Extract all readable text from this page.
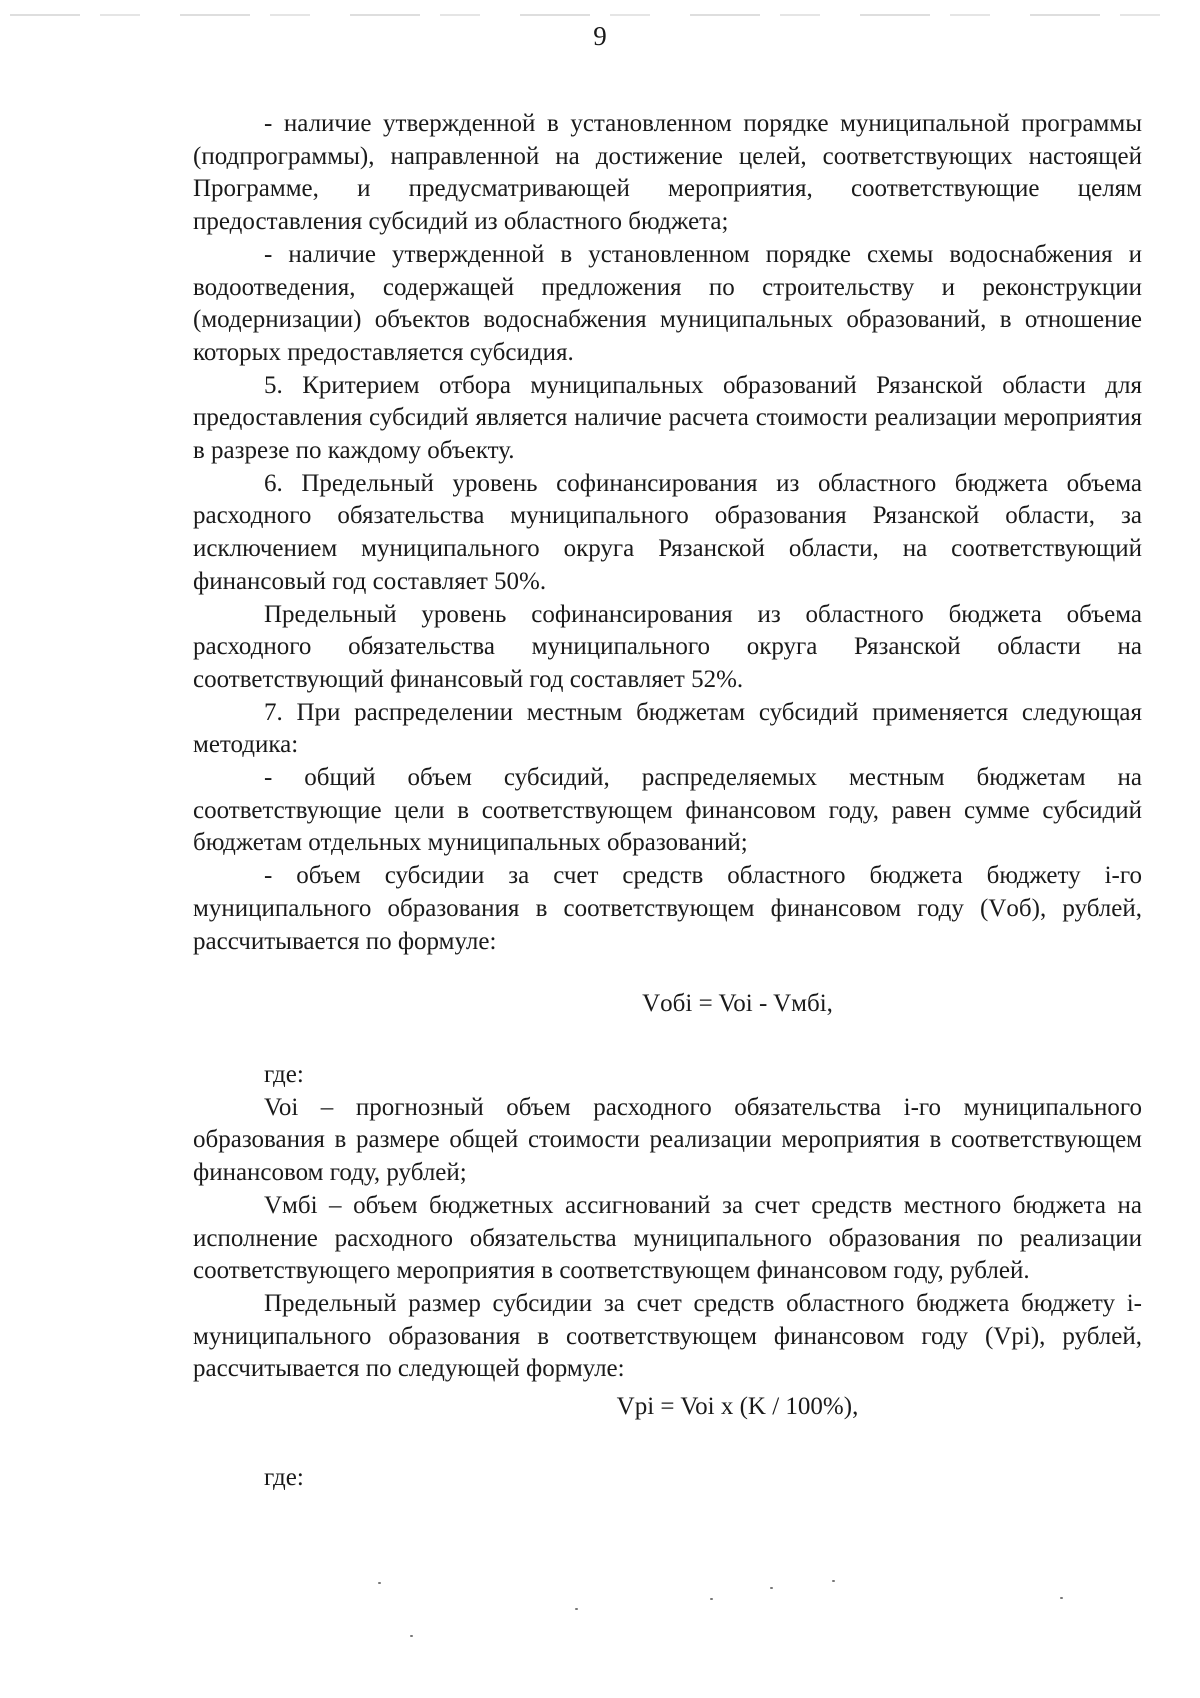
9

- наличие утвержденной в установленном порядке муниципальной программы (подпрограммы), направленной на достижение целей, соответствующих настоящей Программе, и предусматривающей мероприятия, соответствующие целям предоставления субсидий из областного бюджета;

- наличие утвержденной в установленном порядке схемы водоснабжения и водоотведения, содержащей предложения по строительству и реконструкции (модернизации) объектов водоснабжения муниципальных образований, в отношение которых предоставляется субсидия.

5. Критерием отбора муниципальных образований Рязанской области для предоставления субсидий является наличие расчета стоимости реализации мероприятия в разрезе по каждому объекту.

6. Предельный уровень софинансирования из областного бюджета объема расходного обязательства муниципального образования Рязанской области, за исключением муниципального округа Рязанской области, на соответствующий финансовый год составляет 50%.

Предельный уровень софинансирования из областного бюджета объема расходного обязательства муниципального округа Рязанской области на соответствующий финансовый год составляет 52%.

7. При распределении местным бюджетам субсидий применяется следующая методика:

- общий объем субсидий, распределяемых местным бюджетам на соответствующие цели в соответствующем финансовом году, равен сумме субсидий бюджетам отдельных муниципальных образований;

- объем субсидии за счет средств областного бюджета бюджету i-го муниципального образования в соответствующем финансовом году (Vоб), рублей, рассчитывается по формуле:

Vобi = Voi - Vмбi,

где:

Voi – прогнозный объем расходного обязательства i-го муниципального образования в размере общей стоимости реализации мероприятия в соответствующем финансовом году, рублей;

Vмбi – объем бюджетных ассигнований за счет средств местного бюджета на исполнение расходного обязательства муниципального образования по реализации соответствующего мероприятия в соответствующем финансовом году, рублей.

Предельный размер субсидии за счет средств областного бюджета бюджету i-муниципального образования в соответствующем финансовом году (Vpi), рублей, рассчитывается по следующей формуле:

Vpi = Voi x (K / 100%),

где:
